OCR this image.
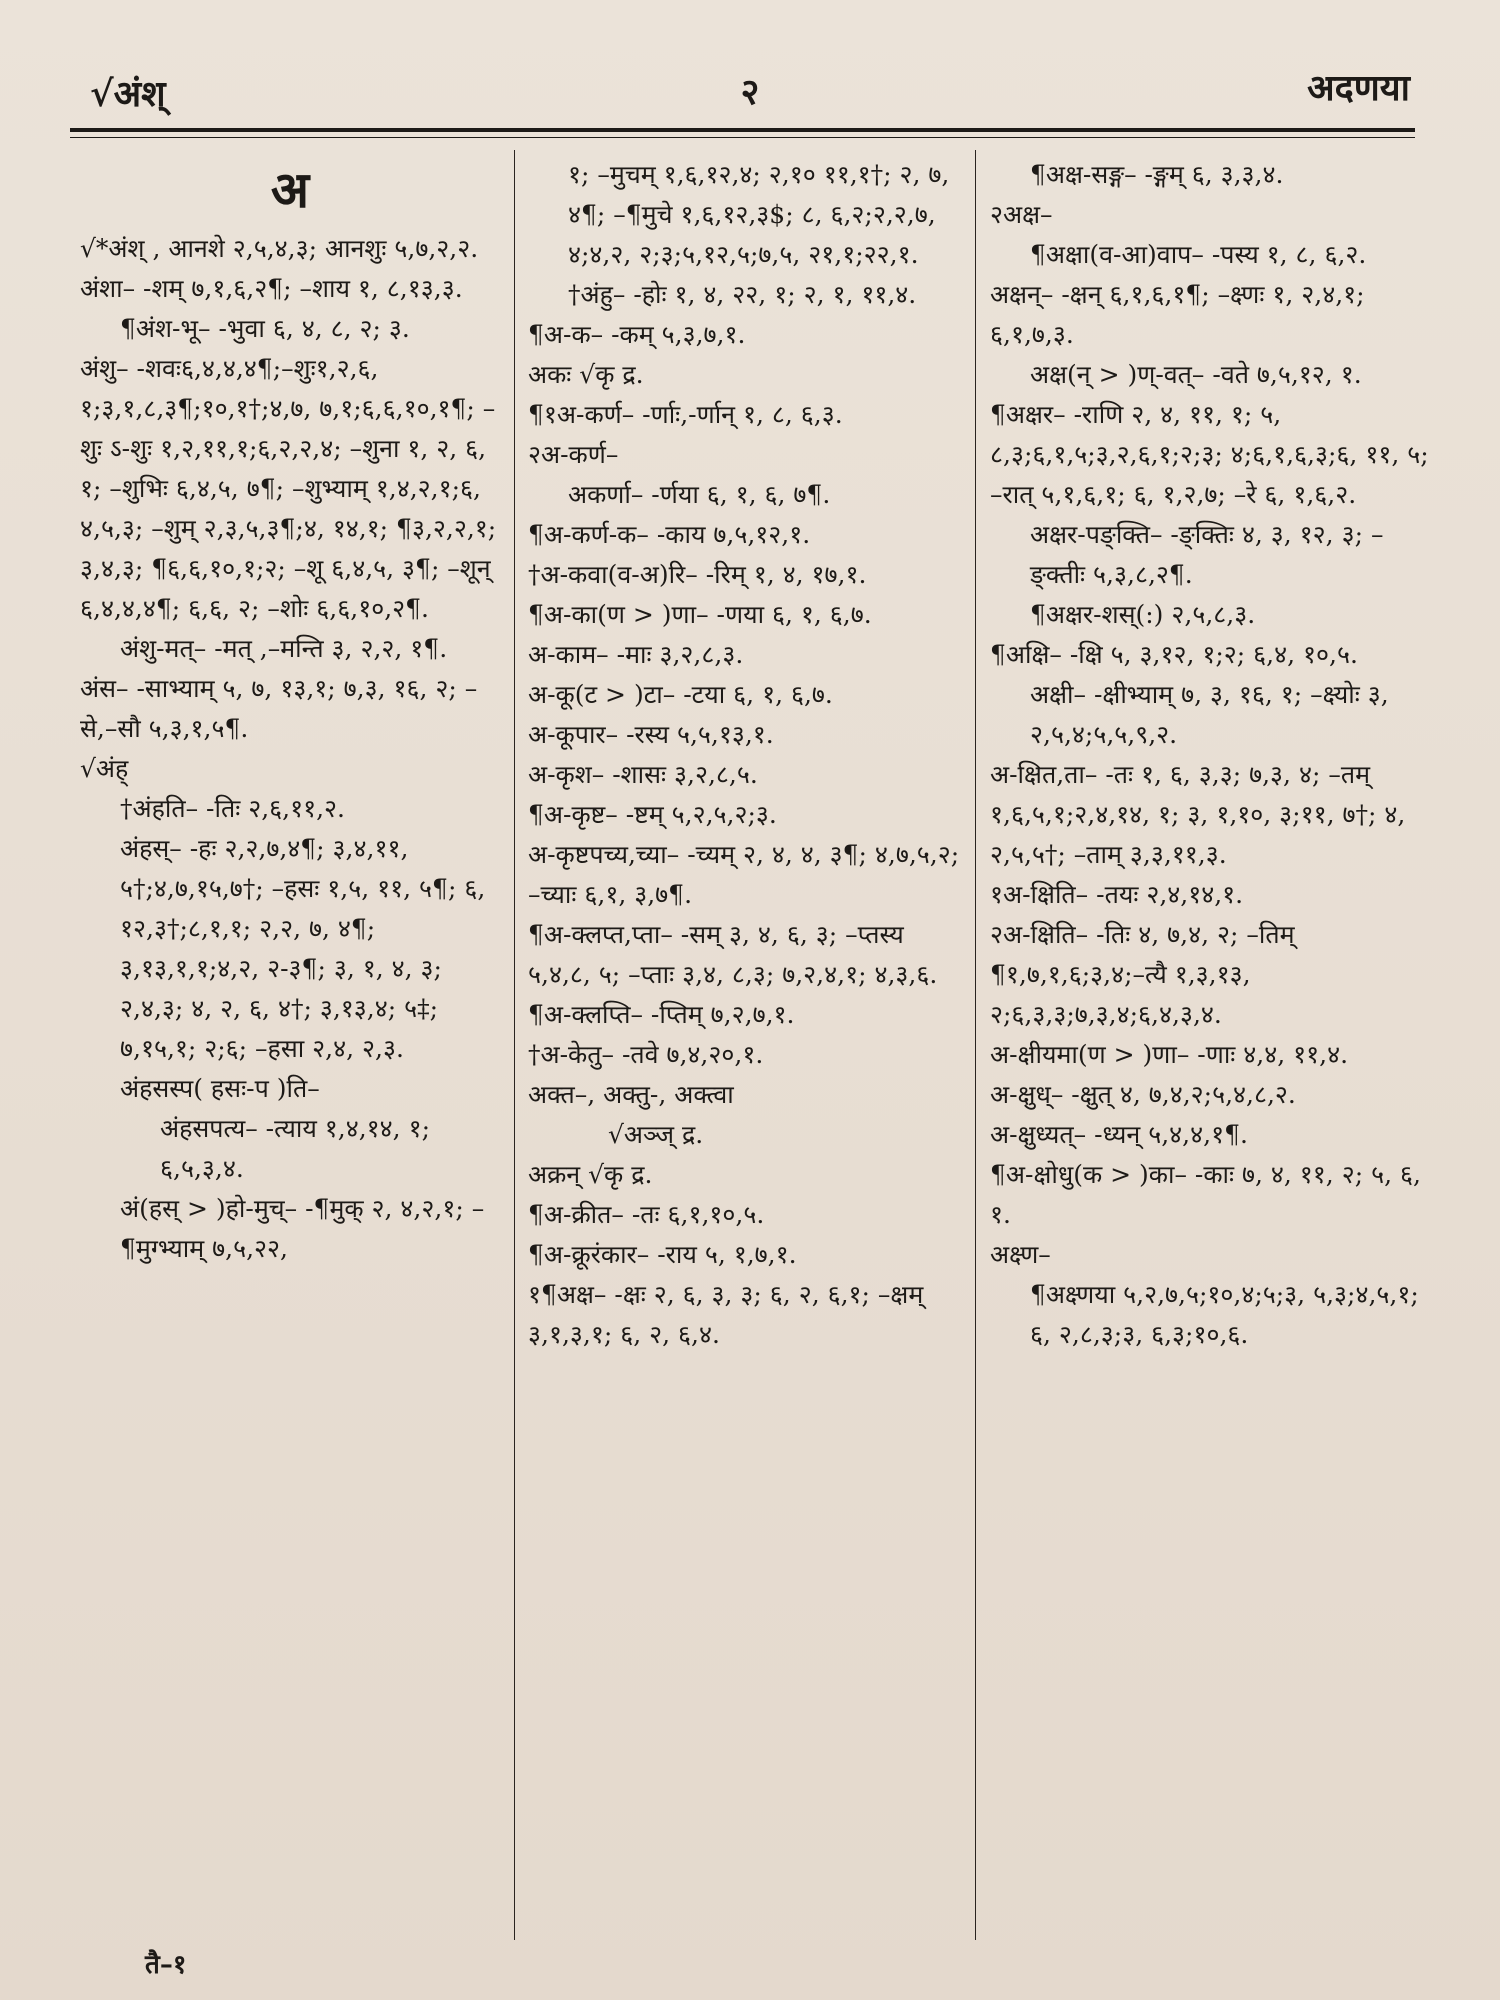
√अंश्	२	अदणया
अ

√*अंश् , आनशे २,५,४,३; आनशुः ५,७,२,२.

अंशा– -शम् ७,१,६,२¶; –शाय १, ८,१३,३.

¶अंश-भू– -भुवा ६, ४, ८, २; ३.

अंशु– -शवः६,४,४,४¶;–शुः१,२,६, १;३,१,८,३¶;१०,१†;४,७, ७,१;६,६,१०,१¶; –शुः ऽ-शुः १,२,११,१;६,२,२,४; –शुना १, २, ६, १; –शुभिः ६,४,५, ७¶; –शुभ्याम् १,४,२,१;६, ४,५,३; –शुम् २,३,५,३¶;४, १४,१; ¶३,२,२,१; ३,४,३; ¶६,६,१०,१;२; –शू ६,४,५, ३¶; –शून् ६,४,४,४¶; ६,६, २; –शोः ६,६,१०,२¶.

अंशु-मत्– -मत् ,–मन्ति ३, २,२, १¶.

अंस– -साभ्याम् ५, ७, १३,१; ७,३, १६, २; –से,–सौ ५,३,१,५¶.

√अंह्

†अंहति– -तिः २,६,११,२.

अंहस्– -हः २,२,७,४¶; ३,४,११, ५†;४,७,१५,७†; –हसः १,५, ११, ५¶; ६, १२,३†;८,१,१; २,२, ७, ४¶; ३,१३,१,१;४,२, २-३¶; ३, १, ४, ३; २,४,३; ४, २, ६, ४†; ३,१३,४; ५‡; ७,१५,१; २;६; –हसा २,४, २,३.

अंहसस्प( हसः-प )ति–

अंहसपत्य– -त्याय १,४,१४, १; ६,५,३,४.

अं(हस् > )हो-मुच्– -¶मुक् २, ४,२,१; –¶मुग्भ्याम् ७,५,२२,

१; –मुचम् १,६,१२,४; २,१० ११,१†; २, ७, ४¶; –¶मुचे १,६,१२,३$; ८, ६,२;२,२,७, ४;४,२, २;३;५,१२,५;७,५, २१,१;२२,१.

†अंहु– -होः १, ४, २२, १; २, १, ११,४.

¶अ-क– -कम् ५,३,७,१.

अकः √कृ द्र.

¶१अ-कर्ण– -र्णाः,-र्णान् १, ८, ६,३.

२अ-कर्ण–

अकर्णा– -र्णया ६, १, ६, ७¶.

¶अ-कर्ण-क– -काय ७,५,१२,१.

†अ-कवा(व-अ)रि– -रिम् १, ४, १७,१.

¶अ-का(ण > )णा– -णया ६, १, ६,७.

अ-काम– -माः ३,२,८,३.

अ-कू(ट > )टा– -टया ६, १, ६,७.

अ-कूपार– -रस्य ५,५,१३,१.

अ-कृश– -शासः ३,२,८,५.

¶अ-कृष्ट– -ष्टम् ५,२,५,२;३.

अ-कृष्टपच्य,च्या– -च्यम् २, ४, ४, ३¶; ४,७,५,२; –च्याः ६,१, ३,७¶.

¶अ-क्लप्त,प्ता– -सम् ३, ४, ६, ३; –प्तस्य ५,४,८, ५; –प्ताः ३,४, ८,३; ७,२,४,१; ४,३,६.

¶अ-क्लप्ति– -प्तिम् ७,२,७,१.

†अ-केतु– -तवे ७,४,२०,१.

अक्त–, अक्तु-, अक्त्वा

√अञ्ज् द्र.

अक्रन् √कृ द्र.

¶अ-क्रीत– -तः ६,१,१०,५.

¶अ-क्रूरंकार– -राय ५, १,७,१.

१¶अक्ष– -क्षः २, ६, ३, ३; ६, २, ६,१; –क्षम् ३,१,३,१; ६, २, ६,४.

¶अक्ष-सङ्ग– -ङ्गम् ६, ३,३,४.

२अक्ष–

¶अक्षा(व-आ)वाप– -पस्य १, ८, ६,२.

अक्षन्– -क्षन् ६,१,६,१¶; –क्ष्णः १, २,४,१; ६,१,७,३.

अक्ष(न् > )ण्-वत्– -वते ७,५,१२, १.

¶अक्षर– -राणि २, ४, ११, १; ५, ८,३;६,१,५;३,२,६,१;२;३; ४;६,१,६,३;६, ११, ५; –रात् ५,१,६,१; ६, १,२,७; –रे ६, १,६,२.

अक्षर-पङ्क्ति– -ङ्क्तिः ४, ३, १२, ३; –ङ्क्तीः ५,३,८,२¶.

¶अक्षर-शस्(:) २,५,८,३.

¶अक्षि– -क्षि ५, ३,१२, १;२; ६,४, १०,५.

अक्षी– -क्षीभ्याम् ७, ३, १६, १; –क्ष्योः ३, २,५,४;५,५,९,२.

अ-क्षित,ता– -तः १, ६, ३,३; ७,३, ४; –तम् १,६,५,१;२,४,१४, १; ३, १,१०, ३;११, ७†; ४, २,५,५†; –ताम् ३,३,११,३.

१अ-क्षिति– -तयः २,४,१४,१.

२अ-क्षिति– -तिः ४, ७,४, २; –तिम् ¶१,७,१,६;३,४;–त्यै १,३,१३, २;६,३,३;७,३,४;६,४,३,४.

अ-क्षीयमा(ण > )णा– -णाः ४,४, ११,४.

अ-क्षुध्– -क्षुत् ४, ७,४,२;५,४,८,२.

अ-क्षुध्यत्– -ध्यन् ५,४,४,१¶.

¶अ-क्षोधु(क > )का– -काः ७, ४, ११, २; ५, ६, १.

अक्ष्ण–

¶अक्ष्णया ५,२,७,५;१०,४;५;३, ५,३;४,५,१; ६, २,८,३;३, ६,३;१०,६.

तै–१
